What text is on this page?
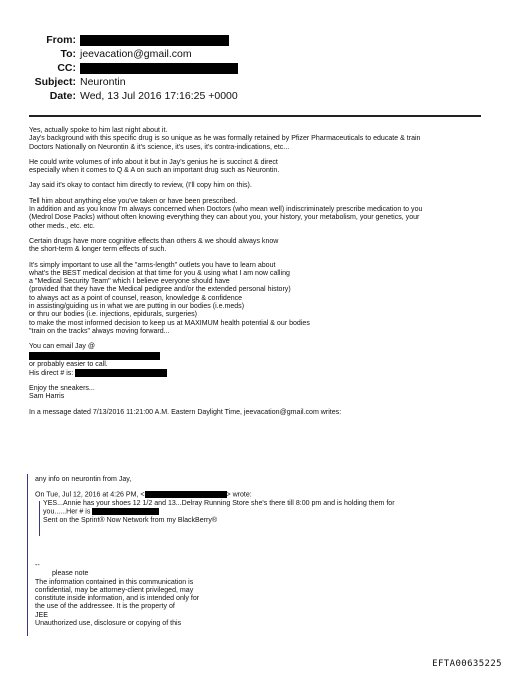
From:
To: jeevacation@gmail.com
CC:
Subject: Neurontin
Date: Wed, 13 Jul 2016 17:16:25 +0000

Yes, actually spoke to him last night about it.

Jay's background with this specific drug is so unique as he was formally retained by Pfizer Pharmaceuticals to educate & train

Doctors Nationally on Neurontin & it's science, it's uses, it's contra-indications, etc...

He could write volumes of info about it but in Jay's genius he is succinct & direct

especially when it comes to Q & A on such an important drug such as Neurontin.

Jay said it's okay to contact him directly to review, (I'll copy him on this).

Tell him about anything else you've taken or have been prescribed.

In addition and as you know I'm always concerned when Doctors (who mean well) indiscriminately prescribe medication to you

(Medrol Dose Packs) without often knowing everything they can about you, your history, your metabolism, your genetics, your

other meds., etc. etc.

Certain drugs have more cognitive effects than others & we should always know

the short-term & longer term effects of such.

It's simply important to use all the "arms-length" outlets you have to learn about

what's the BEST medical decision at that time for you & using what I am now calling

a "Medical Security Team" which I believe everyone should have

(provided that they have the Medical pedigree and/or the extended personal history)

to always act as a point of counsel, reason, knowledge & confidence

in assisting/guiding us in what we are putting in our bodies (i.e.meds)

or thru our bodies (i.e. injections, epidurals, surgeries)

to make the most informed decision to keep us at MAXIMUM health potential & our bodies

"train on the tracks" always moving forward...

You can email Jay @

or probably easier to call.

His direct # is:

Enjoy the sneakers...

Sam Harris

In a message dated 7/13/2016 11:21:00 A.M. Eastern Daylight Time, jeevacation@gmail.com writes:

any info on neurontin from Jay,

On Tue, Jul 12, 2016 at 4:26 PM, <	> wrote:

YES...Annie has your shoes 12 1/2 and 13...Delray Running Store she's there till 8:00 pm and is holding them for

you......Her # is

Sent on the Sprint® Now Network from my BlackBerry®

--

please note

The information contained in this communication is

confidential, may be attorney-client privileged, may

constitute inside information, and is intended only for

the use of the addressee. It is the property of

JEE

Unauthorized use, disclosure or copying of this

EFTA00635225
